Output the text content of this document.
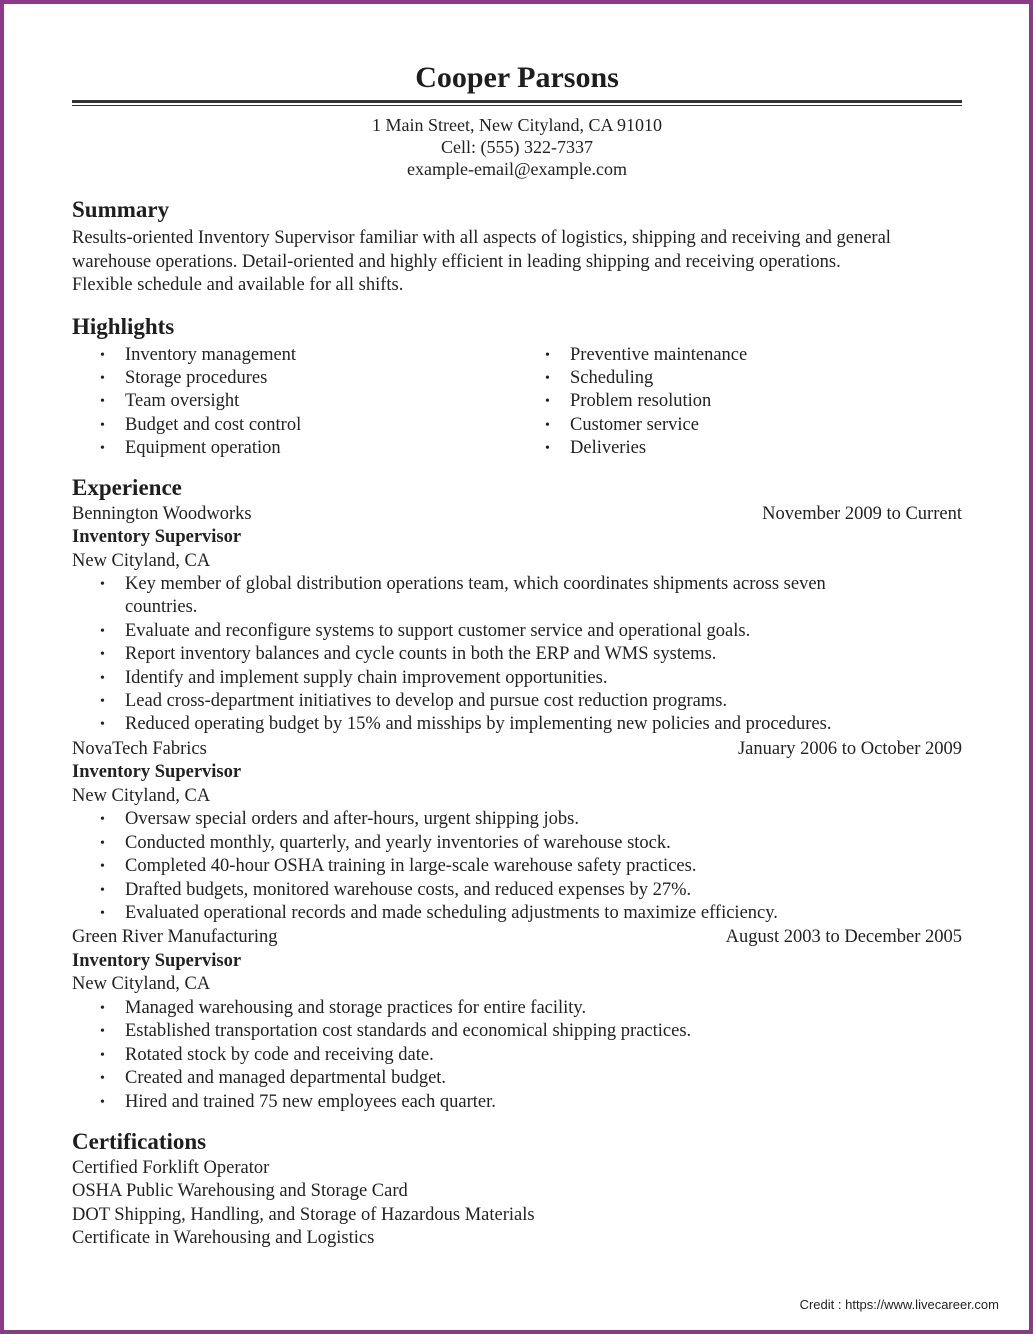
Cooper Parsons
1 Main Street, New Cityland, CA 91010
Cell: (555) 322-7337
example-email@example.com
Summary
Results-oriented Inventory Supervisor familiar with all aspects of logistics, shipping and receiving and general
warehouse operations. Detail-oriented and highly efficient in leading shipping and receiving operations.
Flexible schedule and available for all shifts.
Highlights
• Inventory management
• Storage procedures
• Team oversight
• Budget and cost control
• Equipment operation
• Preventive maintenance
• Scheduling
• Problem resolution
• Customer service
• Deliveries
Experience
Bennington Woodworks	November 2009 to Current
Inventory Supervisor
New Cityland, CA
• Key member of global distribution operations team, which coordinates shipments across seven
countries.
• Evaluate and reconfigure systems to support customer service and operational goals.
• Report inventory balances and cycle counts in both the ERP and WMS systems.
• Identify and implement supply chain improvement opportunities.
• Lead cross-department initiatives to develop and pursue cost reduction programs.
• Reduced operating budget by 15% and misships by implementing new policies and procedures.
NovaTech Fabrics	January 2006 to October 2009
Inventory Supervisor
New Cityland, CA
• Oversaw special orders and after-hours, urgent shipping jobs.
• Conducted monthly, quarterly, and yearly inventories of warehouse stock.
• Completed 40-hour OSHA training in large-scale warehouse safety practices.
• Drafted budgets, monitored warehouse costs, and reduced expenses by 27%.
• Evaluated operational records and made scheduling adjustments to maximize efficiency.
Green River Manufacturing	August 2003 to December 2005
Inventory Supervisor
New Cityland, CA
• Managed warehousing and storage practices for entire facility.
• Established transportation cost standards and economical shipping practices.
• Rotated stock by code and receiving date.
• Created and managed departmental budget.
• Hired and trained 75 new employees each quarter.
Certifications
Certified Forklift Operator
OSHA Public Warehousing and Storage Card
DOT Shipping, Handling, and Storage of Hazardous Materials
Certificate in Warehousing and Logistics
Credit : https://www.livecareer.com
